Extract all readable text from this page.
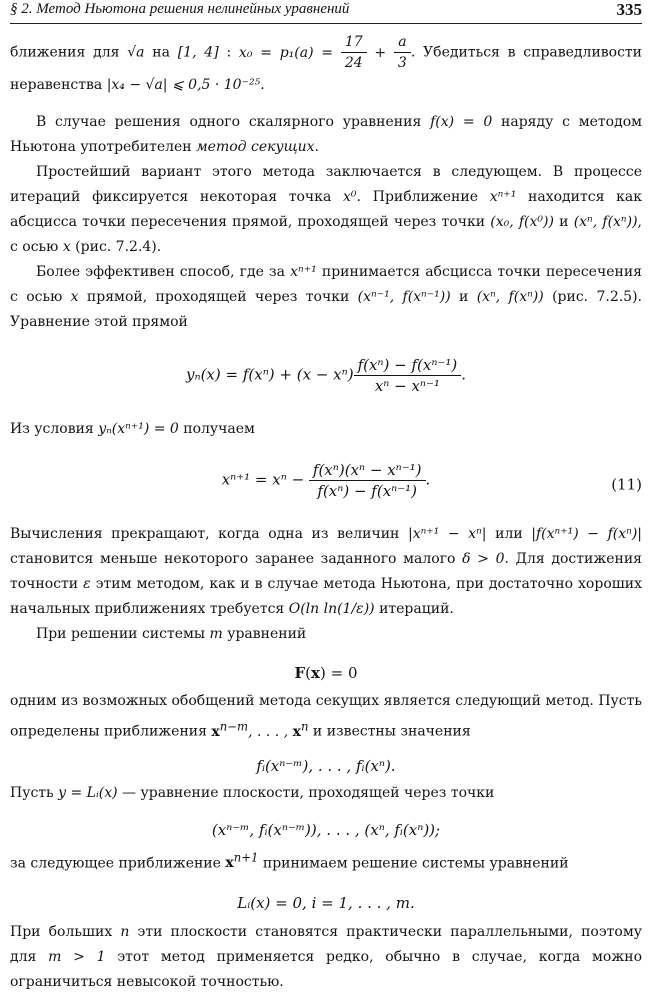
§ 2. Метод Ньютона решения нелинейных уравнений	335

ближения для √a на [1, 4] : $x_0 = p_1(a) = \frac{17}{24} + \frac{a}{3}$ . Убедиться в справедливости неравенства |x₄ − √a| ⩽ 0,5 · 10⁻²⁵.

В случае решения одного скалярного уравнения f(x) = 0 наряду с методом Ньютона употребителен метод секущих.

Простейший вариант этого метода заключается в следующем. В процессе итераций фиксируется некоторая точка x⁰. Приближение xⁿ⁺¹ находится как абсцисса точки пересечения прямой, проходящей через точки (x₀, f(x⁰)) и (xⁿ, f(xⁿ)), с осью x (рис. 7.2.4).

Более эффективен способ, где за xⁿ⁺¹ принимается абсцисса точки пересечения с осью x прямой, проходящей через точки (xⁿ⁻¹, f(xⁿ⁻¹)) и (xⁿ, f(xⁿ)) (рис. 7.2.5). Уравнение этой прямой

$y_n(x) = f(x^n) + (x - x^n) \frac{\text{f(xⁿ) − f(xⁿ⁻¹)}}{\text{xⁿ − xⁿ⁻¹}}$ .

Из условия yₙ(xⁿ⁺¹) = 0 получаем

$x^{n+1} = x^n - \frac{\text{f(xⁿ)(xⁿ − xⁿ⁻¹)}}{\text{f(xⁿ) − f(xⁿ⁻¹)}}$ .	(11)

Вычисления прекращают, когда одна из величин |xⁿ⁺¹ − xⁿ| или |f(xⁿ⁺¹) − f(xⁿ)| становится меньше некоторого заранее заданного малого δ > 0. Для достижения точности ε этим методом, как и в случае метода Ньютона, при достаточно хороших начальных приближениях требуется O(ln ln(1/ε)) итераций.

При решении системы m уравнений

F(x) = 0

одним из возможных обобщений метода секущих является следующий метод. Пусть определены приближения $x^{n-m}$, . . . , $x^n$ и известны значения

fᵢ(xⁿ⁻ᵐ), . . . , fᵢ(xⁿ).

Пусть y = Lᵢ(x) — уравнение плоскости, проходящей через точки

(xⁿ⁻ᵐ, fᵢ(xⁿ⁻ᵐ)), . . . , (xⁿ, fᵢ(xⁿ));

за следующее приближение $x^{n+1}$ принимаем решение системы уравнений

Lᵢ(x) = 0, i = 1, . . . , m.

При больших n эти плоскости становятся практически параллельными, поэтому для m > 1 этот метод применяется редко, обычно в случае, когда можно ограничиться невысокой точностью.
